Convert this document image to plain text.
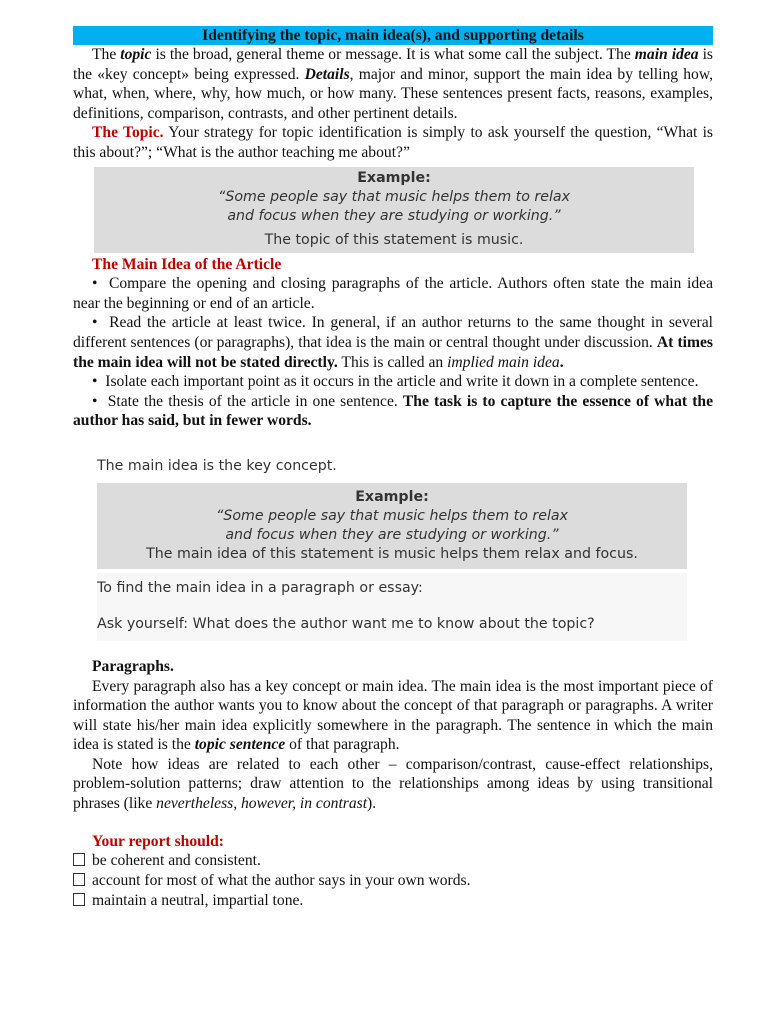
Identifying the topic, main idea(s), and supporting details

The topic is the broad, general theme or message. It is what some call the subject. The main idea is the «key concept» being expressed. Details, major and minor, support the main idea by telling how, what, when, where, why, how much, or how many. These sentences present facts, reasons, examples, definitions, comparison, contrasts, and other pertinent details.

The Topic. Your strategy for topic identification is simply to ask yourself the question, “What is this about?”; “What is the author teaching me about?”

Example:
“Some people say that music helps them to relax
and focus when they are studying or working.”
The topic of this statement is music.

The Main Idea of the Article

•  Compare the opening and closing paragraphs of the article. Authors often state the main idea near the beginning or end of an article.

•  Read the article at least twice. In general, if an author returns to the same thought in several different sentences (or paragraphs), that idea is the main or central thought under discussion. At times the main idea will not be stated directly. This is called an implied main idea.

•  Isolate each important point as it occurs in the article and write it down in a complete sentence.

•  State the thesis of the article in one sentence. The task is to capture the essence of what the author has said, but in fewer words.

The main idea is the key concept.
Example:
“Some people say that music helps them to relax
and focus when they are studying or working.”
The main idea of this statement is music helps them relax and focus.
To find the main idea in a paragraph or essay:
Ask yourself: What does the author want me to know about the topic?

Paragraphs.

Every paragraph also has a key concept or main idea. The main idea is the most important piece of information the author wants you to know about the concept of that paragraph or paragraphs. A writer will state his/her main idea explicitly somewhere in the paragraph. The sentence in which the main idea is stated is the topic sentence of that paragraph.

Note how ideas are related to each other – comparison/contrast, cause-effect relationships, problem-solution patterns; draw attention to the relationships among ideas by using transitional phrases (like nevertheless, however, in contrast).

Your report should:

be coherent and consistent.

account for most of what the author says in your own words.

maintain a neutral, impartial tone.
